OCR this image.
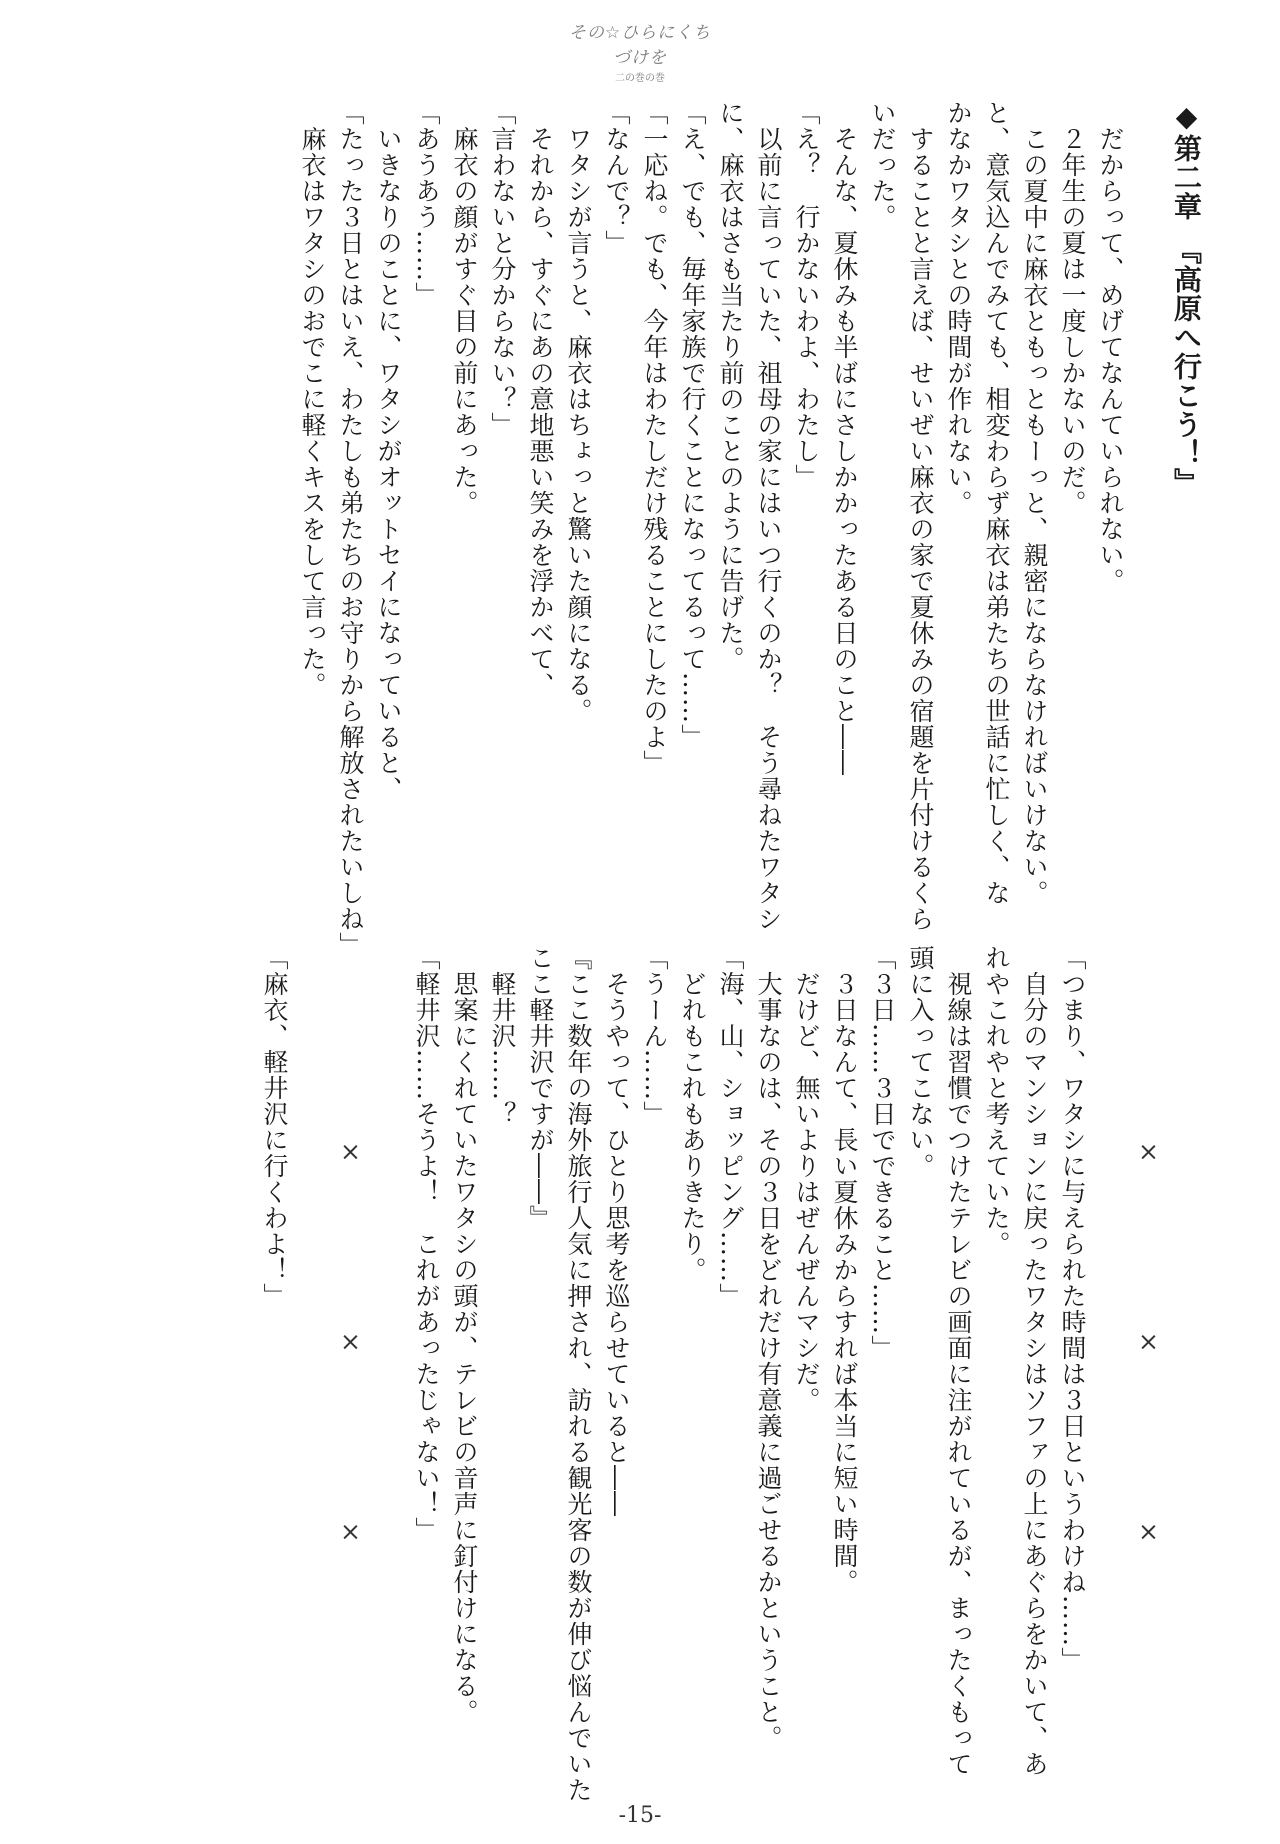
その☆ひらにくちづけを
二の巻の巻
◆第二章　『高原へ行こう！』
　だからって、めげてなんていられない。
　２年生の夏は一度しかないのだ。
　この夏中に麻衣ともっともーっと、親密にならなければいけない。
と、意気込んでみても、相変わらず麻衣は弟たちの世話に忙しく、な
かなかワタシとの時間が作れない。
　することと言えば、せいぜい麻衣の家で夏休みの宿題を片付けるくら
いだった。
　そんな、夏休みも半ばにさしかかったある日のこと――
「え？　行かないわよ、わたし」
　以前に言っていた、祖母の家にはいつ行くのか？　そう尋ねたワタシ
に、麻衣はさも当たり前のことのように告げた。
「え、でも、毎年家族で行くことになってるって……」
「一応ね。でも、今年はわたしだけ残ることにしたのよ」
「なんで？」
　ワタシが言うと、麻衣はちょっと驚いた顔になる。
　それから、すぐにあの意地悪い笑みを浮かべて、
「言わないと分からない？」
　麻衣の顔がすぐ目の前にあった。
「あうあう……」
　いきなりのことに、ワタシがオットセイになっていると、
「たった３日とはいえ、わたしも弟たちのお守りから解放されたいしね」
　麻衣はワタシのおでこに軽くキスをして言った。
×　×　×
「つまり、ワタシに与えられた時間は３日というわけね……」
　自分のマンションに戻ったワタシはソファの上にあぐらをかいて、あ
れやこれやと考えていた。
　視線は習慣でつけたテレビの画面に注がれているが、まったくもって
頭に入ってこない。
「３日……３日でできること……」
　３日なんて、長い夏休みからすれば本当に短い時間。
　だけど、無いよりはぜんぜんマシだ。
　大事なのは、その３日をどれだけ有意義に過ごせるかということ。
「海、山、ショッピング……」
　どれもこれもありきたり。
「うーん……」
　そうやって、ひとり思考を巡らせていると――
『ここ数年の海外旅行人気に押され、訪れる観光客の数が伸び悩んでいた
ここ軽井沢ですが――』
　軽井沢……？
　思案にくれていたワタシの頭が、テレビの音声に釘付けになる。
「軽井沢……そうよ！　これがあったじゃない！」
×　×　×
「麻衣、軽井沢に行くわよ！」
-15-
